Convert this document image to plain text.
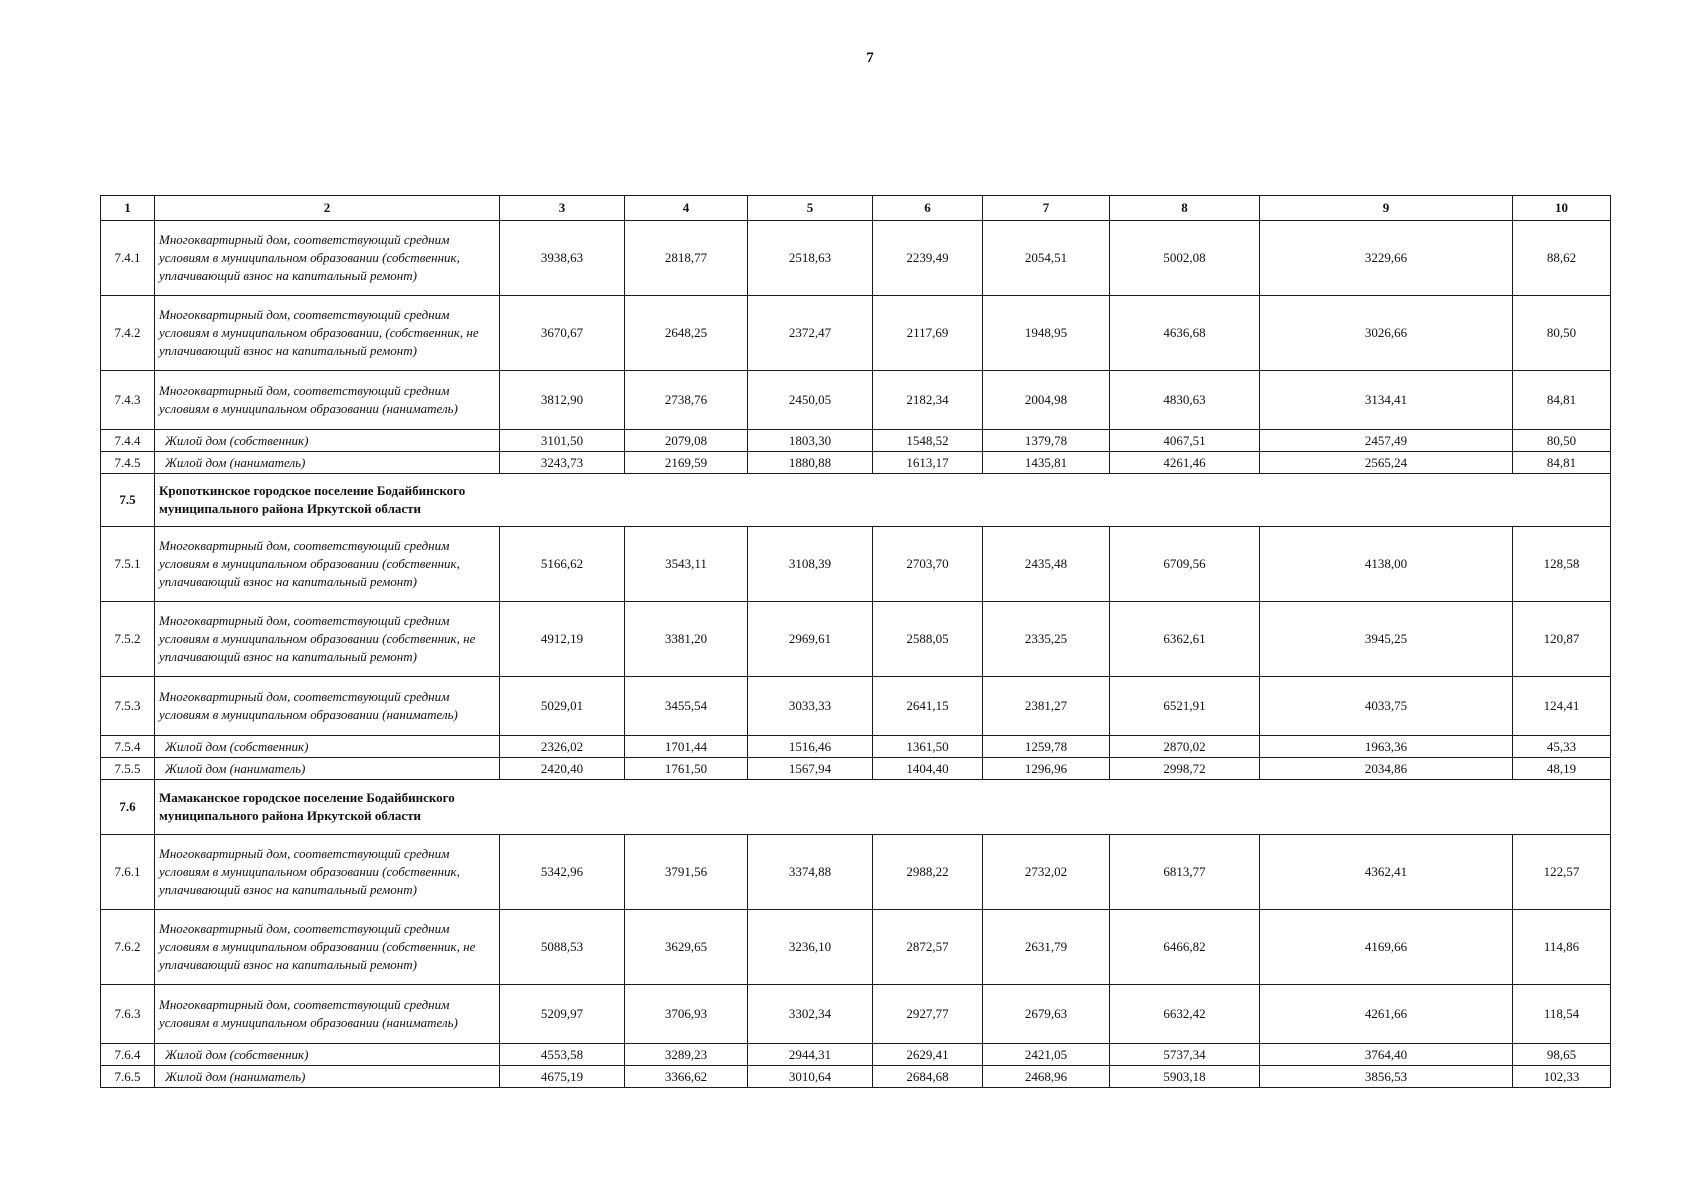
7
1	2	3	4	5	6	7	8	9	10
7.4.1	Многоквартирный дом, соответствующий средним условиям в муниципальном образовании (собственник, уплачивающий взнос на капитальный ремонт)	3938,63	2818,77	2518,63	2239,49	2054,51	5002,08	3229,66	88,62
7.4.2	Многоквартирный дом, соответствующий средним условиям в муниципальном образовании, (собственник, не уплачивающий взнос на капитальный ремонт)	3670,67	2648,25	2372,47	2117,69	1948,95	4636,68	3026,66	80,50
7.4.3	Многоквартирный дом, соответствующий средним условиям в муниципальном образовании (наниматель)	3812,90	2738,76	2450,05	2182,34	2004,98	4830,63	3134,41	84,81
7.4.4	Жилой дом (собственник)	3101,50	2079,08	1803,30	1548,52	1379,78	4067,51	2457,49	80,50
7.4.5	Жилой дом (наниматель)	3243,73	2169,59	1880,88	1613,17	1435,81	4261,46	2565,24	84,81
7.5	Кропоткинское городское поселение Бодайбинского муниципального района Иркутской области								

7.5.1	Многоквартирный дом, соответствующий средним условиям в муниципальном образовании (собственник, уплачивающий взнос на капитальный ремонт)	5166,62	3543,11	3108,39	2703,70	2435,48	6709,56	4138,00	128,58
7.5.2	Многоквартирный дом, соответствующий средним условиям в муниципальном образовании (собственник, не уплачивающий взнос на капитальный ремонт)	4912,19	3381,20	2969,61	2588,05	2335,25	6362,61	3945,25	120,87
7.5.3	Многоквартирный дом, соответствующий средним условиям в муниципальном образовании (наниматель)	5029,01	3455,54	3033,33	2641,15	2381,27	6521,91	4033,75	124,41
7.5.4	Жилой дом (собственник)	2326,02	1701,44	1516,46	1361,50	1259,78	2870,02	1963,36	45,33
7.5.5	Жилой дом (наниматель)	2420,40	1761,50	1567,94	1404,40	1296,96	2998,72	2034,86	48,19
7.6	Мамаканское городское поселение Бодайбинского муниципального района Иркутской области								

7.6.1	Многоквартирный дом, соответствующий средним условиям в муниципальном образовании (собственник, уплачивающий взнос на капитальный ремонт)	5342,96	3791,56	3374,88	2988,22	2732,02	6813,77	4362,41	122,57
7.6.2	Многоквартирный дом, соответствующий средним условиям в муниципальном образовании (собственник, не уплачивающий взнос на капитальный ремонт)	5088,53	3629,65	3236,10	2872,57	2631,79	6466,82	4169,66	114,86
7.6.3	Многоквартирный дом, соответствующий средним условиям в муниципальном образовании (наниматель)	5209,97	3706,93	3302,34	2927,77	2679,63	6632,42	4261,66	118,54
7.6.4	Жилой дом (собственник)	4553,58	3289,23	2944,31	2629,41	2421,05	5737,34	3764,40	98,65
7.6.5	Жилой дом (наниматель)	4675,19	3366,62	3010,64	2684,68	2468,96	5903,18	3856,53	102,33
